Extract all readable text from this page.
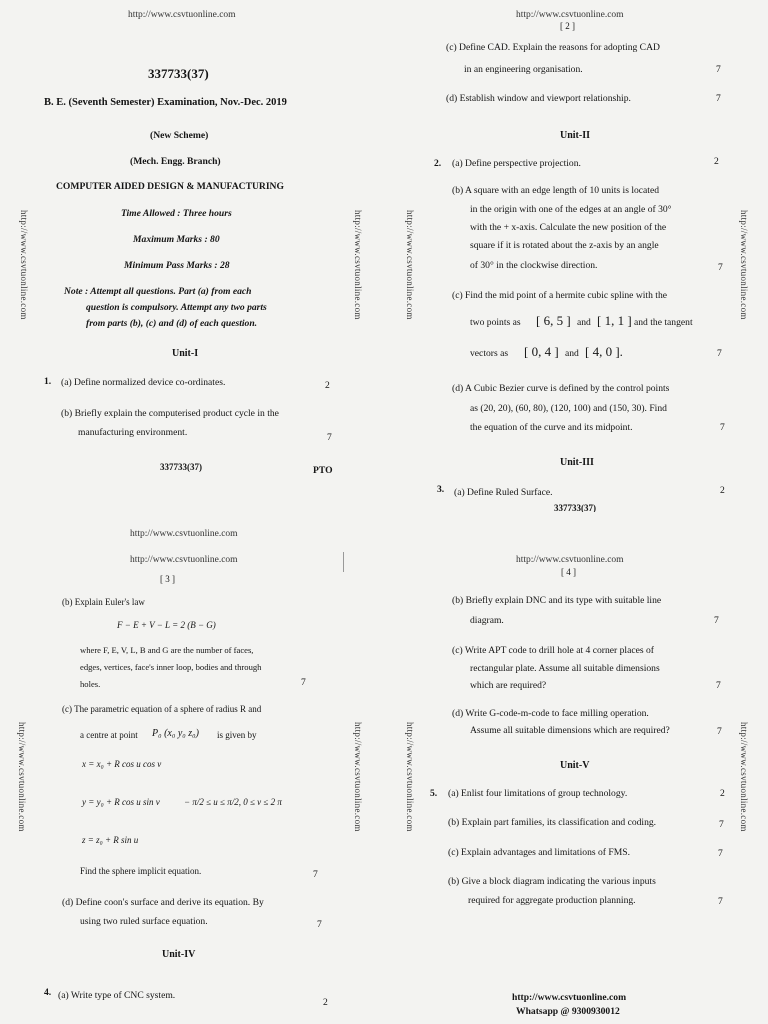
http://www.csvtuonline.com
337733(37)
B. E. (Seventh Semester) Examination, Nov.-Dec. 2019
(New Scheme)
(Mech. Engg. Branch)
COMPUTER AIDED DESIGN & MANUFACTURING
Time Allowed : Three hours
Maximum Marks : 80
Minimum Pass Marks : 28
Note : Attempt all questions. Part (a) from each
question is compulsory. Attempt any two parts
from parts (b), (c) and (d) of each question.
Unit-I
1. (a) Define normalized device co-ordinates.	2
(b) Briefly explain the computerised product cycle in the
manufacturing environment.	7
337733(37)	PTO
http://www.csvtuonline.com	http://www.csvtuonline.com
http://www.csvtuonline.com
[ 2 ]
(c) Define CAD. Explain the reasons for adopting CAD
in an engineering organisation.	7
(d) Establish window and viewport relationship.	7
Unit-II
2. (a) Define perspective projection.	2
(b) A square with an edge length of 10 units is located
in the origin with one of the edges at an angle of 30°
with the + x-axis. Calculate the new position of the
square if it is rotated about the z-axis by an angle
of 30° in the clockwise direction.	7
(c) Find the mid point of a hermite cubic spline with the
two points as [ 6, 5 ] and [ 1, 1 ] and the tangent
vectors as [ 0, 4 ] and [ 4, 0 ].	7
(d) A Cubic Bezier curve is defined by the control points
as (20, 20), (60, 80), (120, 100) and (150, 30). Find
the equation of the curve and its midpoint.	7
Unit-III
3. (a) Define Ruled Surface.	2
337733(37)
http://www.csvtuonline.com	http://www.csvtuonline.com
http://www.csvtuonline.com
http://www.csvtuonline.com
[ 3 ]
(b) Explain Euler's law
F − E + V − L = 2 (B − G)
where F, E, V, L, B and G are the number of faces,
edges, vertices, face's inner loop, bodies and through
holes.	7
(c) The parametric equation of a sphere of radius R and
a centre at point P₀ (x₀ y₀ z₀) is given by
x = x₀ + R cos u cos v
y = y₀ + R cos u sin v	− π/2 ≤ u ≤ π/2, 0 ≤ v ≤ 2 π
z = z₀ + R sin u
Find the sphere implicit equation.	7
(d) Define coon's surface and derive its equation. By
using two ruled surface equation.	7
Unit-IV
4. (a) Write type of CNC system.
2
http://www.csvtuonline.com	http://www.csvtuonline.com
http://www.csvtuonline.com
[ 4 ]
(b) Briefly explain DNC and its type with suitable line
diagram.	7
(c) Write APT code to drill hole at 4 corner places of
rectangular plate. Assume all suitable dimensions
which are required?	7
(d) Write G-code-m-code to face milling operation.
Assume all suitable dimensions which are required?	7
Unit-V
5. (a) Enlist four limitations of group technology.	2
(b) Explain part families, its classification and coding.	7
(c) Explain advantages and limitations of FMS.	7
(b) Give a block diagram indicating the various inputs
required for aggregate production planning.	7
http://www.csvtuonline.com
Whatsapp @ 9300930012
http://www.csvtuonline.com	http://www.csvtuonline.com
